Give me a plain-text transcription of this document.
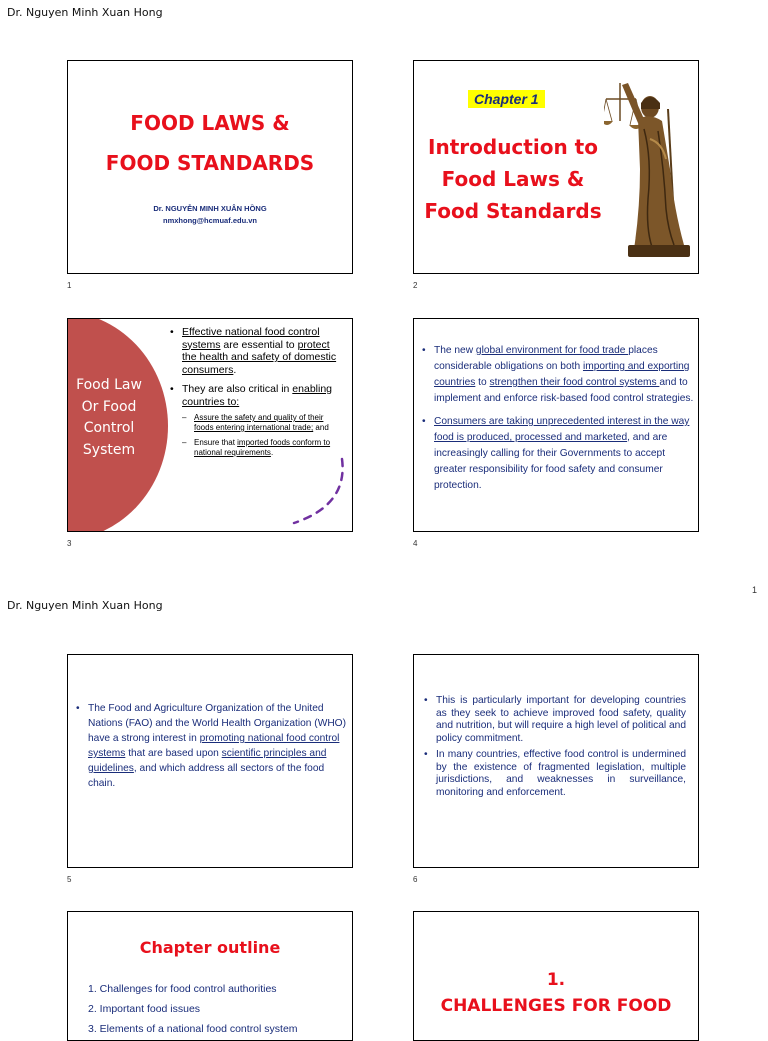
Dr. Nguyen Minh Xuan Hong
FOOD LAWS &
FOOD STANDARDS
Dr. NGUYỄN MINH XUÂN HỒNG
nmxhong@hcmuaf.edu.vn
1
Chapter 1
Introduction to
Food Laws &
Food Standards
2
Food Law
Or Food
Control
System
• Effective national food control systems are essential to protect the health and safety of domestic consumers.
• They are also critical in enabling countries to:
– Assure the safety and quality of their foods entering international trade; and
– Ensure that imported foods conform to national requirements.
3
• The new global environment for food trade places considerable obligations on both importing and exporting countries to strengthen their food control systems and to implement and enforce risk-based food control strategies.
• Consumers are taking unprecedented interest in the way food is produced, processed and marketed, and are increasingly calling for their Governments to accept greater responsibility for food safety and consumer protection.
4
1
Dr. Nguyen Minh Xuan Hong
• The Food and Agriculture Organization of the United Nations (FAO) and the World Health Organization (WHO) have a strong interest in promoting national food control systems that are based upon scientific principles and guidelines, and which address all sectors of the food chain.
5
• This is particularly important for developing countries as they seek to achieve improved food safety, quality and nutrition, but will require a high level of political and policy commitment.
• In many countries, effective food control is undermined by the existence of fragmented legislation, multiple jurisdictions, and weaknesses in surveillance, monitoring and enforcement.
6
Chapter outline
1. Challenges for food control authorities
2. Important food issues
3. Elements of a national food control system
1.
CHALLENGES FOR FOOD
